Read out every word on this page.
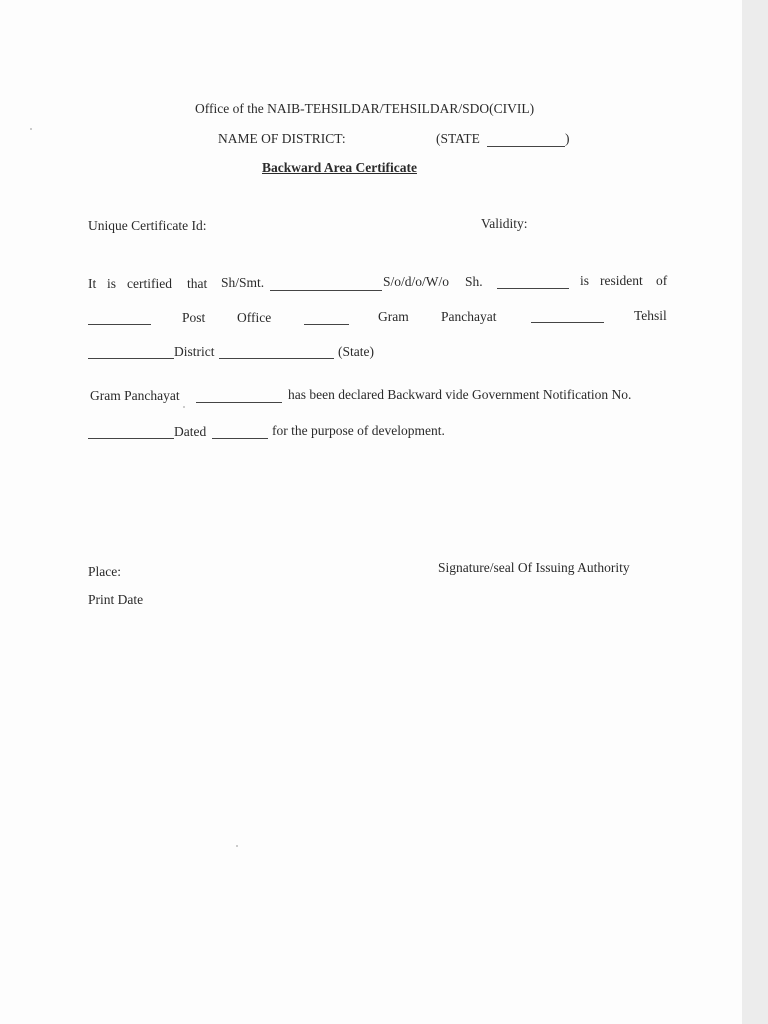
Office of the NAIB-TEHSILDAR/TEHSILDAR/SDO(CIVIL)
NAME OF DISTRICT:	(STATE	)
Backward Area Certificate
Unique Certificate Id:	Validity:
It is certified that Sh/Smt.	S/o/d/o/W/o Sh.	is resident of
Post Office	Gram Panchayat	Tehsil
District	(State)
Gram Panchayat	has been declared Backward vide Government Notification No.
Dated	for the purpose of development.
Place:	Signature/seal Of Issuing Authority
Print Date
